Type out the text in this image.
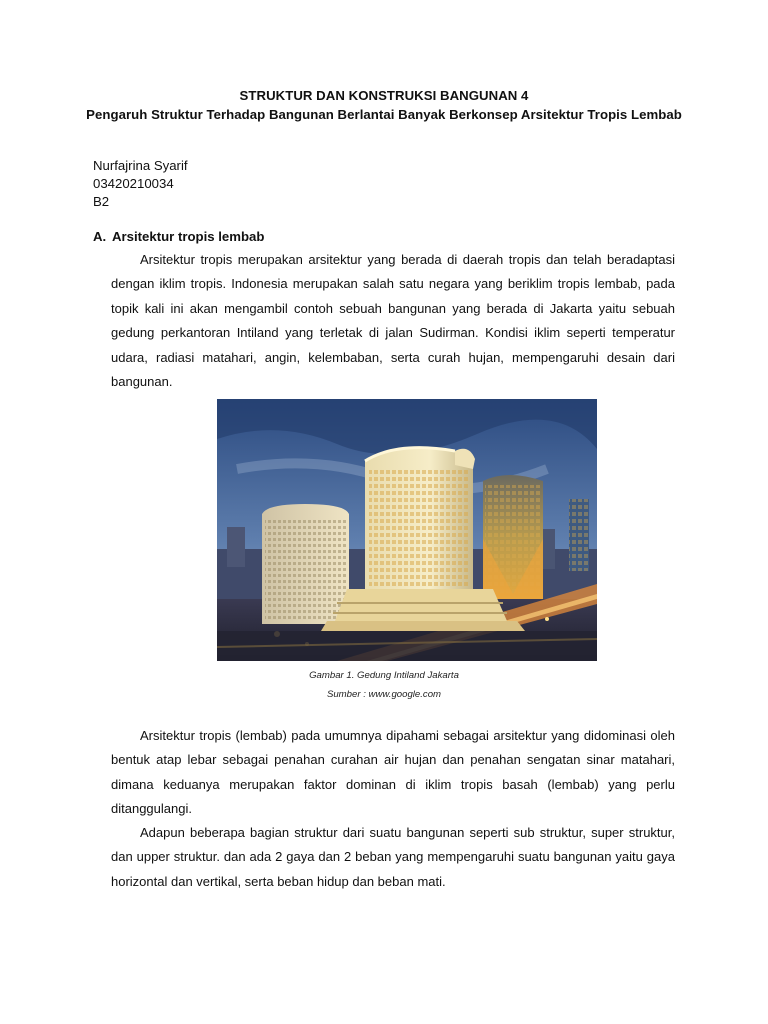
STRUKTUR DAN KONSTRUKSI BANGUNAN 4
Pengaruh Struktur Terhadap Bangunan Berlantai Banyak Berkonsep Arsitektur Tropis Lembab
Nurfajrina Syarif
03420210034
B2
A. Arsitektur tropis lembab

Arsitektur tropis merupakan arsitektur yang berada di daerah tropis dan telah beradaptasi dengan iklim tropis. Indonesia merupakan salah satu negara yang beriklim tropis lembab, pada topik kali ini akan mengambil contoh sebuah bangunan yang berada di Jakarta yaitu sebuah gedung perkantoran Intiland yang terletak di jalan Sudirman. Kondisi iklim seperti temperatur udara, radiasi matahari, angin, kelembaban, serta curah hujan, mempengaruhi desain dari bangunan.

Gambar 1. Gedung Intiland Jakarta
Sumber : www.google.com

Arsitektur tropis (lembab) pada umumnya dipahami sebagai arsitektur yang didominasi oleh bentuk atap lebar sebagai penahan curahan air hujan dan penahan sengatan sinar matahari, dimana keduanya merupakan faktor dominan di iklim tropis basah (lembab) yang perlu ditanggulangi.

Adapun beberapa bagian struktur dari suatu bangunan seperti sub struktur, super struktur, dan upper struktur. dan ada 2 gaya dan 2 beban yang mempengaruhi suatu bangunan yaitu gaya horizontal dan vertikal, serta beban hidup dan beban mati.
